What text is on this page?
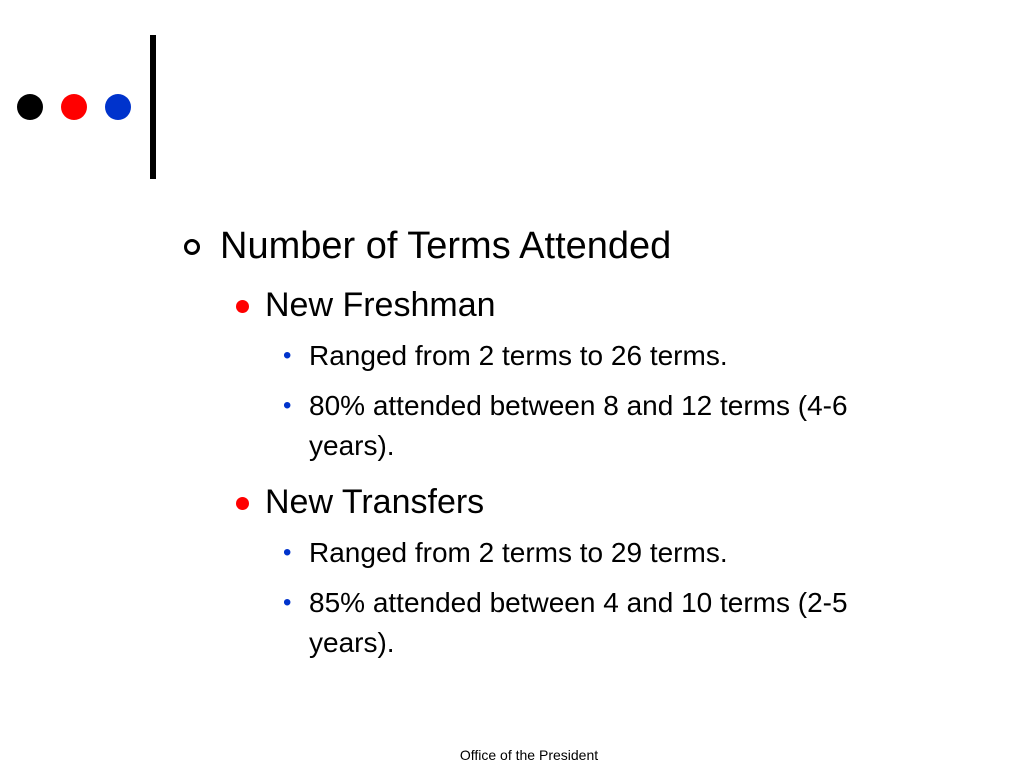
Number of Terms Attended
New Freshman
• Ranged from 2 terms to 26 terms.
• 80% attended between 8 and 12 terms (4-6 years).
New Transfers
• Ranged from 2 terms to 29 terms.
• 85% attended between 4 and 10 terms (2-5 years).
Office of the President
